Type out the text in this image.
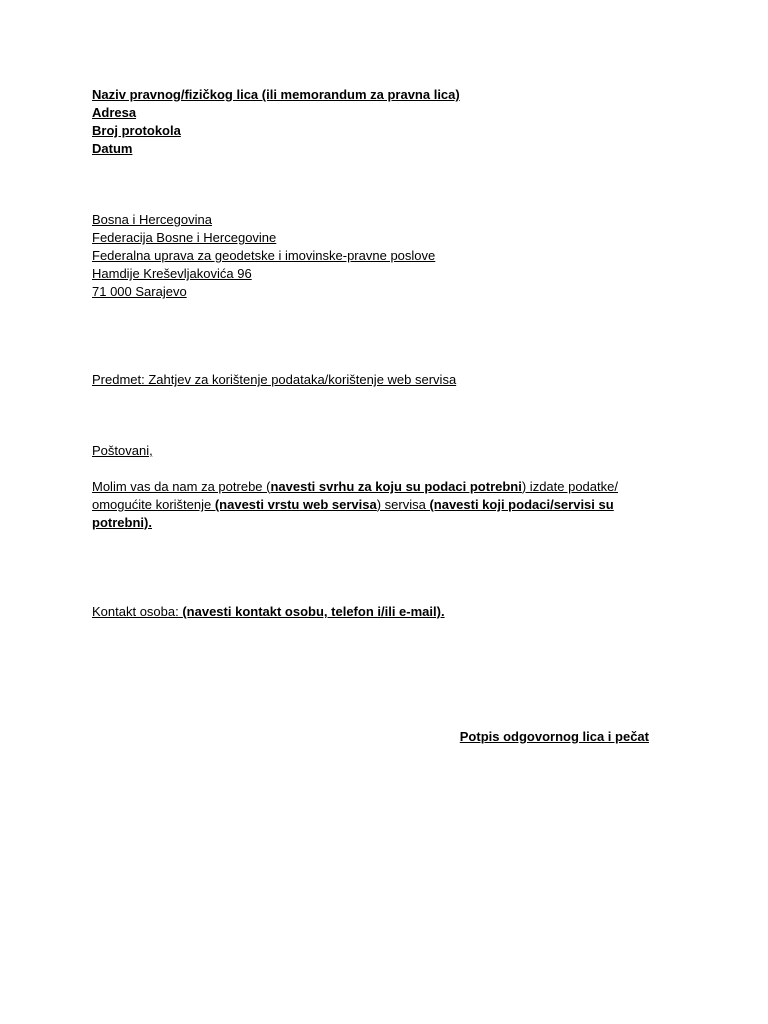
Naziv pravnog/fizičkog lica (ili memorandum za pravna lica)
Adresa
Broj protokola
Datum
Bosna i Hercegovina
Federacija Bosne i Hercegovine
Federalna uprava za geodetske i imovinske-pravne poslove
Hamdije Kreševljakovića 96
71 000 Sarajevo
Predmet: Zahtjev za korištenje podataka/korištenje web servisa
Poštovani,
Molim vas da nam za potrebe (navesti svrhu za koju su podaci potrebni) izdate podatke/ omogućite korištenje (navesti vrstu web servisa) servisa (navesti koji podaci/servisi su potrebni).
Kontakt osoba: (navesti kontakt osobu, telefon i/ili e-mail).
Potpis odgovornog lica i pečat
